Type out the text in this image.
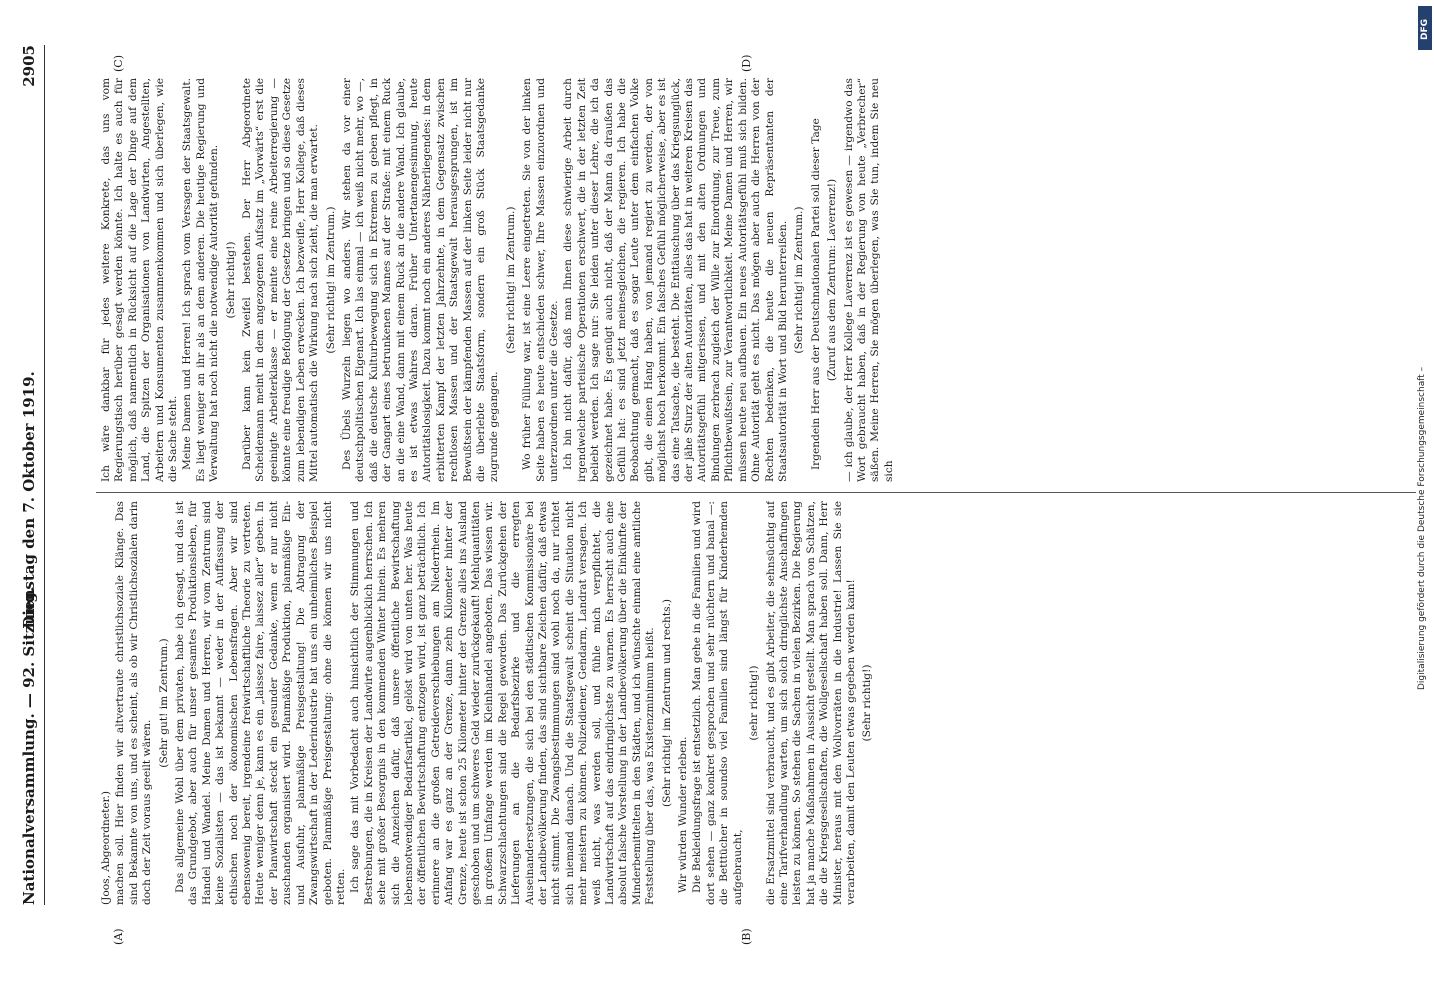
Nationalversammlung. — 92. Sitzung.
Dienstag den 7. Oktober 1919.
2905
(A)	(B)
(C)	(D)

(Joos, Abgeordneter.) machen soll. Hier finden wir altvertraute christlichsoziale Klänge. Das sind Bekannte von uns, und es scheint, als ob wir Christlichsozialen darin doch der Zeit voraus geeilt wären.

(Sehr gut! im Zentrum.) Das allgemeine Wohl über dem privaten, habe ich gesagt, und das ist das Grundgebot, aber auch für unser gesamtes Produktionsleben, für Handel und Wandel. Meine Damen und Herren, wir vom Zentrum sind keine Sozialisten — das ist bekannt — weder in der Auffassung der ethischen noch der ökonomischen Lebensfragen. Aber wir sind ebensowenig bereit, irgendeine freiwirtschaftliche Theorie zu vertreten. Heute weniger denn je, kann es ein „laissez faire, laissez aller“ geben. In der Planwirtschaft steckt ein gesunder Gedanke, wenn er nur nicht zuschanden organisiert wird. Planmäßige Produktion, planmäßige Ein- und Ausfuhr, planmäßige Preisgestaltung! Die Abtragung der Zwangswirtschaft in der Lederindustrie hat uns ein unheimliches Beispiel geboten. Planmäßige Preisgestaltung: ohne die können wir uns nicht retten. Ich sage das mit Vorbedacht auch hinsichtlich der Stimmungen und Bestrebungen, die in Kreisen der Landwirte augenblicklich herrschen. Ich sehe mit großer Besorgnis in den kommenden Winter hinein. Es mehren sich die Anzeichen dafür, daß unsere öffentliche Bewirtschaftung lebensnotwendiger Bedarfsartikel, gelöst wird von unten her. Was heute der öffentlichen Bewirtschaftung entzogen wird, ist ganz beträchtlich. Ich erinnere an die großen Getreideverschiebungen am Niederrhein. Im Anfang war es ganz an der Grenze, dann zehn Kilometer hinter der Grenze, heute ist schon 25 Kilometer hinter der Grenze alles ins Ausland geschoben und um schweres Geld wieder zurückgekauft! Mehlquantitäten in großem Umfange werden im Kleinhandel angeboten. Das wissen wir. Schwarzschlachtungen sind die Regel geworden. Das Zurückgehen der Lieferungen an die Bedarfsbezirke und die erregten Auseinandersetzungen, die sich bei den städtischen Kommissionäre bei der Landbevölkerung finden, das sind sichtbare Zeichen dafür, daß etwas nicht stimmt. Die Zwangsbestimmungen sind wohl noch da, nur richtet sich niemand danach. Und die Staatsgewalt scheint die Situation nicht mehr meistern zu können. Polizeidiener, Gendarm, Landrat versagen. Ich weiß nicht, was werden soll, und fühle mich verpflichtet, die Landwirtschaft auf das eindringlichste zu warnen. Es herrscht auch eine absolut falsche Vorstellung in der Landbevölkerung über die Einkünfte der Minderbemittelten in den Städten, und ich wünschte einmal eine amtliche Feststellung über das, was Existenzminimum heißt. (Sehr richtig! im Zentrum und rechts.)

Wir würden Wunder erleben. Die Bekleidungsfrage ist entsetzlich. Man gehe in die Familien und wird dort sehen — ganz konkret gesprochen und sehr nüchtern und banal —: die Betttücher in soundso viel Familien sind längst für Kinderhemden aufgebraucht,

(sehr richtig!) die Ersatzmittel sind verbraucht, und es gibt Arbeiter, die sehnsüchtig auf eine Tarifverhandlung warten, um sich solch dringlichste Anschaffungen leisten zu können. So stehen die Sachen in vielen Bezirken. Die Regierung hat ja manche Maßnahmen in Aussicht gestellt. Man sprach von Schätzen, die die Kriegsgesellschaften, die Wollgesellschaft haben soll. Dann, Herr Minister, heraus mit den Wollvorräten in die Industrie! Lassen Sie sie verarbeiten, damit den Leuten etwas gegeben werden kann! (Sehr richtig!)

Ich wäre dankbar für jedes weitere Konkrete, das uns vom Regierungstisch herüber gesagt werden könnte. Ich halte es auch für möglich, daß namentlich in Rücksicht auf die Lage der Dinge auf dem Land, die Spitzen der Organisationen von Landwirten, Angestellten, Arbeitern und Konsumenten zusammenkommen und sich überlegen, wie die Sache steht. Meine Damen und Herren! Ich sprach vom Versagen der Staatsgewalt. Es liegt weniger an ihr als an dem anderen. Die heutige Regierung und Verwaltung hat noch nicht die notwendige Autorität gefunden. (Sehr richtig!) Darüber kann kein Zweifel bestehen. Der Herr Abgeordnete Scheidemann meint in dem angezogenen Aufsatz im „Vorwärts“ erst die geeinigte Arbeiterklasse — er meinte eine reine Arbeiterregierung — könnte eine freudige Befolgung der Gesetze bringen und so diese Gesetze zum lebendigen Leben erwecken. Ich bezweifle, Herr Kollege, daß dieses Mittel automatisch die Wirkung nach sich zieht, die man erwartet. (Sehr richtig! im Zentrum.) Des Übels Wurzeln liegen wo anders. Wir stehen da vor einer deutschpolitischen Eigenart. Ich las einmal — ich weiß nicht mehr, wo —, daß die deutsche Kulturbewegung sich in Extremen zu geben pflegt, in der Gangart eines betrunkenen Mannes auf der Straße: mit einem Ruck an die eine Wand, dann mit einem Ruck an die andere Wand. Ich glaube, es ist etwas Wahres daran. Früher Untertanengesinnung, heute Autoritätslosigkeit. Dazu kommt noch ein anderes Näherliegendes: in dem erbitterten Kampf der letzten Jahrzehnte, in dem Gegensatz zwischen rechtlosen Massen und der Staatsgewalt herausgesprungen, ist im Bewußtsein der kämpfenden Massen auf der linken Seite leider nicht nur die überlebte Staatsform, sondern ein groß Stück Staatsgedanke zugrunde gegangen.

(Sehr richtig! im Zentrum.) Wo früher Füllung war, ist eine Leere eingetreten. Sie von der linken Seite haben es heute entschieden schwer, Ihre Massen einzuordnen und unterzuordnen unter die Gesetze. Ich bin nicht dafür, daß man Ihnen diese schwierige Arbeit durch irgendwelche parteiische Operationen erschwert, die in der letzten Zeit beliebt werden. Ich sage nur: Sie leiden unter dieser Lehre, die ich da gezeichnet habe. Es genügt auch nicht, daß der Mann da draußen das Gefühl hat: es sind jetzt meinesgleichen, die regieren. Ich habe die Beobachtung gemacht, daß es sogar Leute unter dem einfachen Volke gibt, die einen Hang haben, von jemand regiert zu werden, der von möglichst hoch herkommt. Ein falsches Gefühl möglicherweise, aber es ist das eine Tatsache, die besteht. Die Enttäuschung über das Kriegsunglück, der jähe Sturz der alten Autoritäten, alles das hat in weiteren Kreisen das Autoritätsgefühl mitgerissen, und mit den alten Ordnungen und Bindungen zerbrach zugleich der Wille zur Einordnung, zur Treue, zum Pflichtbewußtsein, zur Verantwortlichkeit. Meine Damen und Herren, wir müssen heute neu aufbauen. Ein neues Autoritätsgefühl muß sich bilden. Ohne Autorität geht es nicht. Das mögen aber auch die Herren von der Rechten bedenken, die heute die neuen Repräsentanten der Staatsautorität in Wort und Bild herunterreißen. (Sehr richtig! im Zentrum.) Irgendein Herr aus der Deutschnationalen Partei soll dieser Tage (Zuruf aus dem Zentrum: Laverrenz!) — ich glaube, der Herr Kollege Laverrenz ist es gewesen — irgendwo das Wort gebraucht haben, daß in der Regierung von heute „Verbrecher“ säßen. Meine Herren, Sie mögen überlegen, was Sie tun, indem Sie neu sich

DFG
Digitalisierung gefördert durch die Deutsche Forschungsgemeinschaft –
